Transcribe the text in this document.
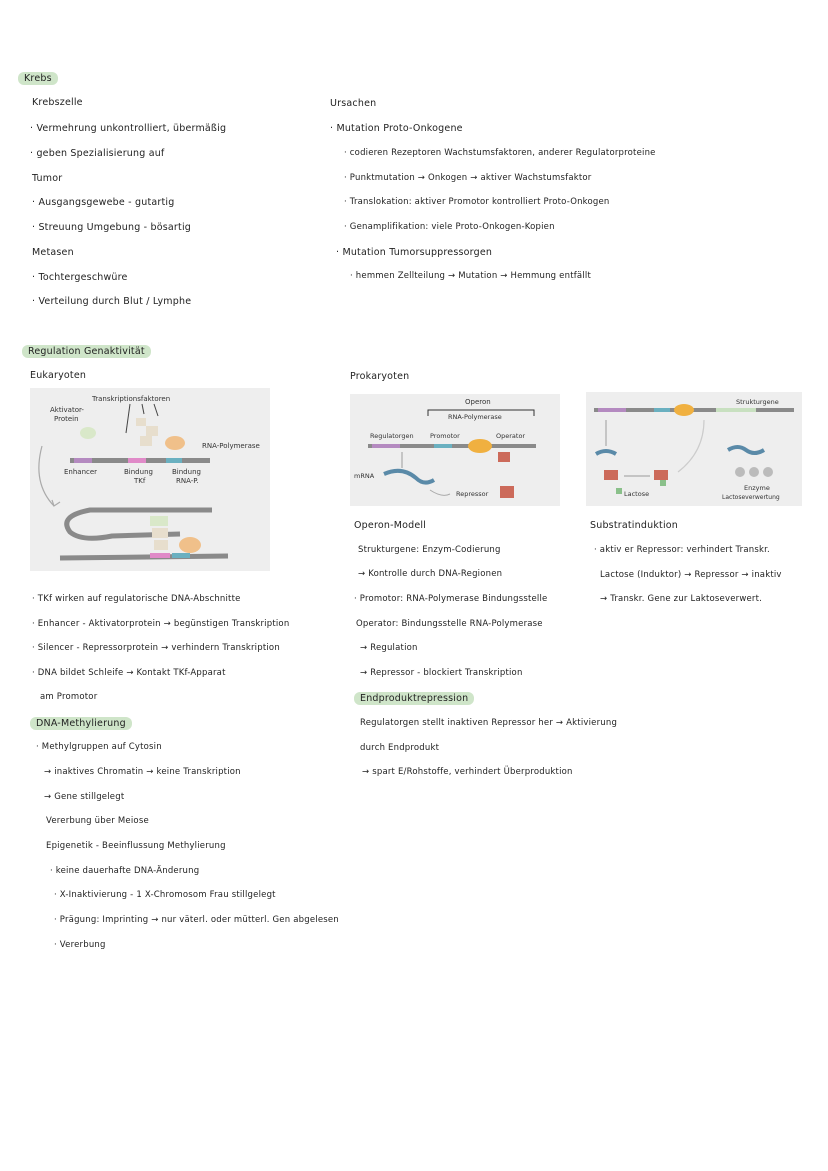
Krebs
Krebszelle
· Vermehrung unkontrolliert, übermäßig
· geben Spezialisierung auf
Tumor
· Ausgangsgewebe - gutartig
· Streuung Umgebung - bösartig
Metasen
· Tochtergeschwüre
· Verteilung durch Blut / Lymphe
Ursachen
· Mutation Proto-Onkogene
· codieren Rezeptoren Wachstumsfaktoren, anderer Regulatorproteine
· Punktmutation → Onkogen → aktiver Wachstumsfaktor
· Translokation: aktiver Promotor kontrolliert Proto-Onkogen
· Genamplifikation: viele Proto-Onkogen-Kopien
· Mutation Tumorsuppressorgen
· hemmen Zellteilung → Mutation → Hemmung entfällt
Regulation Genaktivität
Eukaryoten	Prokaryoten
Transkriptionsfaktoren
Aktivator-
Protein
RNA-Polymerase
Enhancer	Bindung
TKf
Bindung
RNA-P.
Operon
RNA-Polymerase
Regulatorgen	Promotor	Operator
mRNA
Repressor
Strukturgene
Lactose
Enzyme
Lactoseverwertung
Operon-Modell
Strukturgene: Enzym-Codierung
→ Kontrolle durch DNA-Regionen
· Promotor: RNA-Polymerase Bindungsstelle
Operator: Bindungsstelle RNA-Polymerase
→ Regulation
→ Repressor - blockiert Transkription
Substratinduktion
· aktiv er Repressor: verhindert Transkr.
Lactose (Induktor) → Repressor → inaktiv
→ Transkr. Gene zur Laktoseverwert.
Endproduktrepression
Regulatorgen stellt inaktiven Repressor her → Aktivierung
durch Endprodukt
→ spart E/Rohstoffe, verhindert Überproduktion
· TKf wirken auf regulatorische DNA-Abschnitte
· Enhancer - Aktivatorprotein → begünstigen Transkription
· Silencer - Repressorprotein → verhindern Transkription
· DNA bildet Schleife → Kontakt TKf-Apparat
am Promotor
DNA-Methylierung
· Methylgruppen auf Cytosin
→ inaktives Chromatin → keine Transkription
→ Gene stillgelegt
Vererbung über Meiose
Epigenetik - Beeinflussung Methylierung
· keine dauerhafte DNA-Änderung
· X-Inaktivierung - 1 X-Chromosom Frau stillgelegt
· Prägung: Imprinting → nur väterl. oder mütterl. Gen abgelesen
· Vererbung
